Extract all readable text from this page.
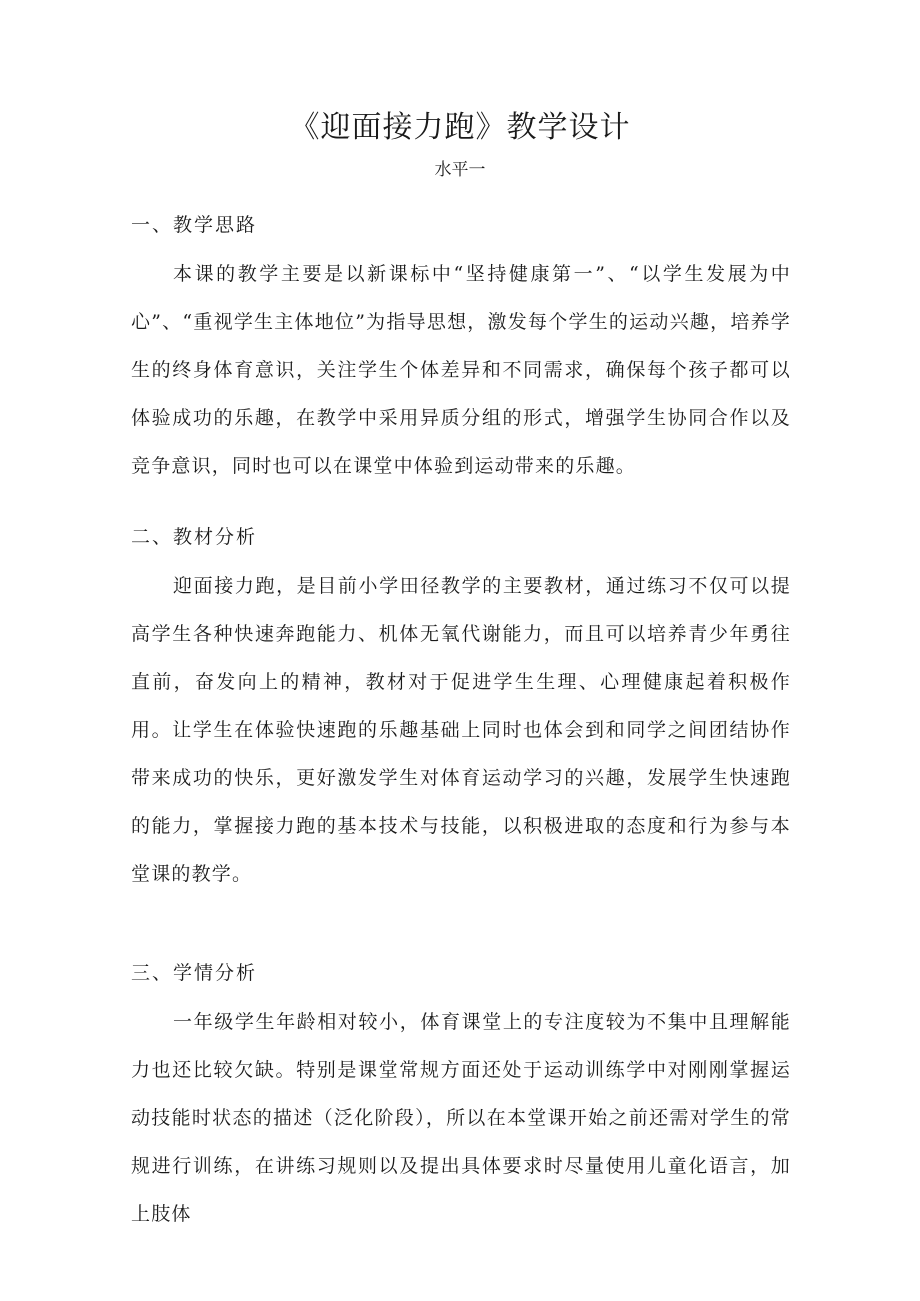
《迎面接力跑》教学设计
水平一
一、教学思路

本课的教学主要是以新课标中“坚持健康第一”、“以学生发展为中心”、“重视学生主体地位”为指导思想，激发每个学生的运动兴趣，培养学生的终身体育意识，关注学生个体差异和不同需求，确保每个孩子都可以体验成功的乐趣，在教学中采用异质分组的形式，增强学生协同合作以及竞争意识，同时也可以在课堂中体验到运动带来的乐趣。

二、教材分析

迎面接力跑，是目前小学田径教学的主要教材，通过练习不仅可以提高学生各种快速奔跑能力、机体无氧代谢能力，而且可以培养青少年勇往直前，奋发向上的精神，教材对于促进学生生理、心理健康起着积极作用。让学生在体验快速跑的乐趣基础上同时也体会到和同学之间团结协作带来成功的快乐，更好激发学生对体育运动学习的兴趣，发展学生快速跑的能力，掌握接力跑的基本技术与技能，以积极进取的态度和行为参与本堂课的教学。

三、学情分析

一年级学生年龄相对较小，体育课堂上的专注度较为不集中且理解能力也还比较欠缺。特别是课堂常规方面还处于运动训练学中对刚刚掌握运动技能时状态的描述（泛化阶段），所以在本堂课开始之前还需对学生的常规进行训练，在讲练习规则以及提出具体要求时尽量使用儿童化语言，加上肢体
